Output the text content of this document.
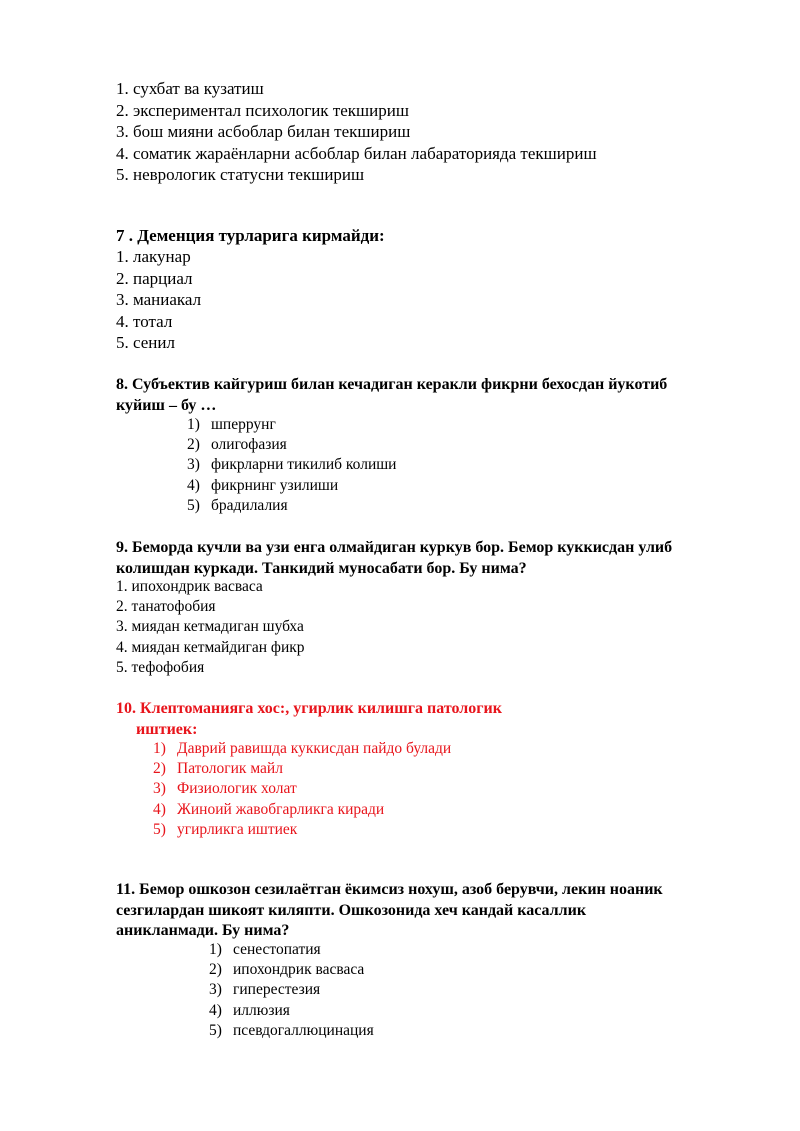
1. сухбат ва кузатиш
2. экспериментал психологик текшириш
3. бош мияни асбоблар билан текшириш
4. соматик жараёнларни асбоблар билан лабараторияда текшириш
5. неврологик статусни текшириш
7 . Деменция турларига кирмайди:
1. лакунар
2. парциал
3. маниакал
4. тотал
5. сенил
8. Субъектив кайгуриш билан кечадиган керакли фикрни бехосдан йукотиб
куйиш – бу …
1) шперрунг
2) олигофазия
3) фикрларни тикилиб колиши
4) фикрнинг узилиши
5) брадилалия
9. Беморда кучли ва узи енга олмайдиган куркув бор. Бемор куккисдан улиб
колишдан куркади. Танкидий муносабати бор. Бу нима?
1. ипохондрик васваса
2. танатофобия
3. миядан кетмадиган шубха
4. миядан кетмайдиган фикр
5. тефофобия
10. Клептоманияга хос:, угирлик килишга патологик
иштиек:
1) Даврий равишда куккисдан пайдо булади
2) Патологик майл
3) Физиологик холат
4) Жиноий жавобгарликга киради
5) угирликга иштиек
11. Бемор ошкозон сезилаётган ёкимсиз нохуш, азоб берувчи, лекин ноаник
сезгилардан шикоят киляпти. Ошкозонида хеч кандай касаллик
аникланмади. Бу нима?
1) сенестопатия
2) ипохондрик васваса
3) гиперестезия
4) иллюзия
5) псевдогаллюцинация
